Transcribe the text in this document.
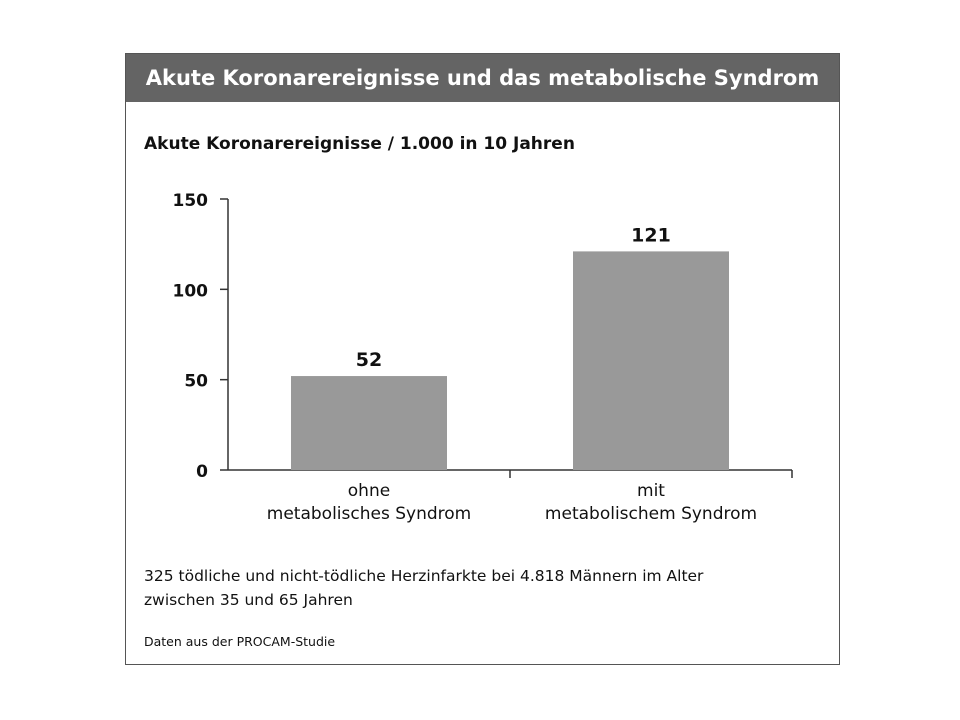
Akute Koronarereignisse und das metabolische Syndrom
Akute Koronarereignisse / 1.000 in 10 Jahren
0
50
100
150
52
ohne
metabolisches Syndrom
121
mit
metabolischem Syndrom
325 tödliche und nicht-tödliche Herzinfarkte bei 4.818 Männern im Alter
zwischen 35 und 65 Jahren
Daten aus der PROCAM-Studie
